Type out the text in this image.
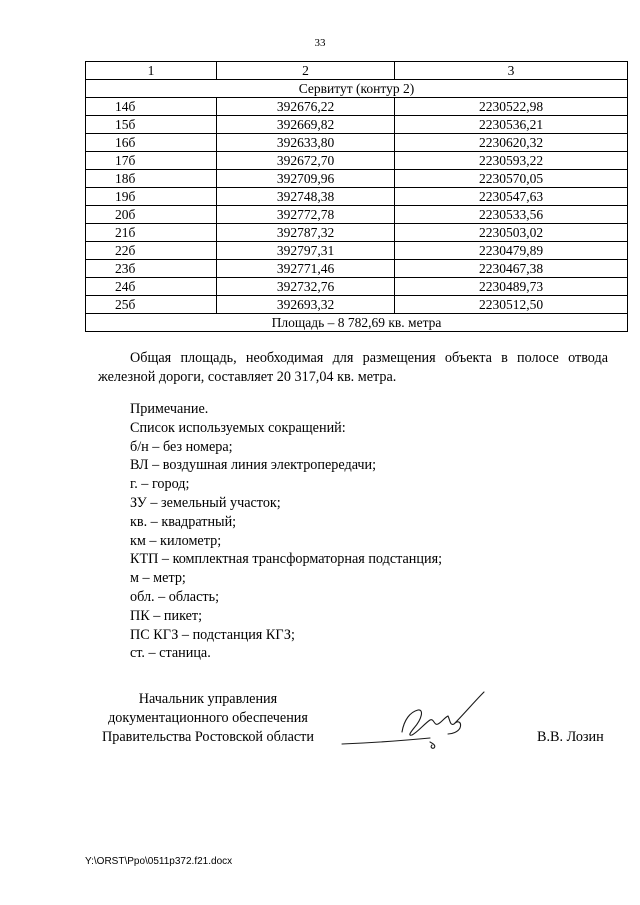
33
1	2	3
Сервитут (контур 2)		
14б	392676,22	2230522,98
15б	392669,82	2230536,21
16б	392633,80	2230620,32
17б	392672,70	2230593,22
18б	392709,96	2230570,05
19б	392748,38	2230547,63
20б	392772,78	2230533,56
21б	392787,32	2230503,02
22б	392797,31	2230479,89
23б	392771,46	2230467,38
24б	392732,76	2230489,73
25б	392693,32	2230512,50
Площадь – 8 782,69 кв. метра		
Общая площадь, необходимая для размещения объекта в полосе отвода железной дороги, составляет 20 317,04 кв. метра.
Примечание.
Список используемых сокращений:
б/н – без номера;
ВЛ – воздушная линия электропередачи;
г. – город;
ЗУ – земельный участок;
кв. – квадратный;
км – километр;
КТП – комплектная трансформаторная подстанция;
м – метр;
обл. – область;
ПК – пикет;
ПС КГЗ – подстанция КГЗ;
ст. – станица.
Начальник управления
документационного обеспечения
Правительства Ростовской области	В.В. Лозин
Y:\ORST\Ppo\0511p372.f21.docx
